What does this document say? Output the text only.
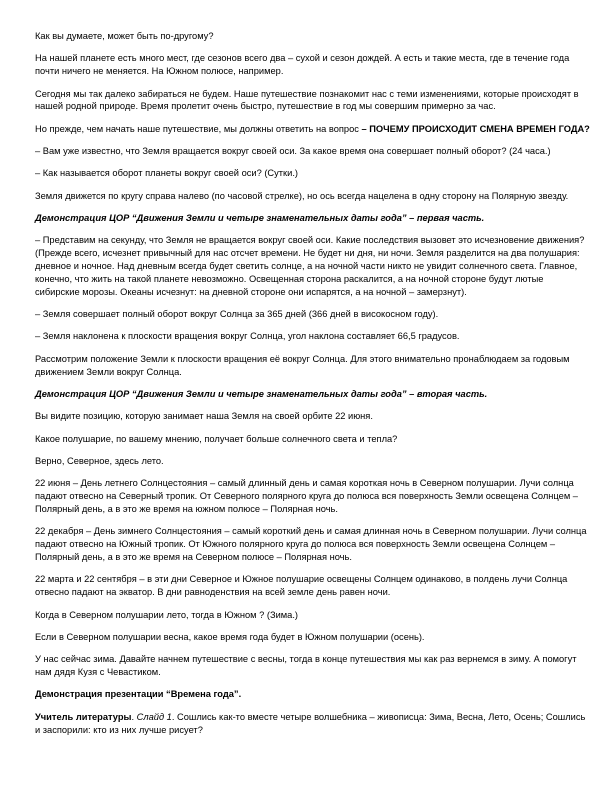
Как вы думаете, может быть по-другому?

На нашей планете есть много мест, где сезонов всего два – сухой и сезон дождей. А есть и такие места, где в течение года почти ничего не меняется. На Южном полюсе, например.

Сегодня мы так далеко забираться не будем. Наше путешествие познакомит нас с теми изменениями, которые происходят в нашей родной природе. Время пролетит очень быстро, путешествие в год мы совершим примерно за час.

Но прежде, чем начать наше путешествие, мы должны ответить на вопрос – ПОЧЕМУ ПРОИСХОДИТ СМЕНА ВРЕМЕН ГОДА?

– Вам уже известно, что Земля вращается вокруг своей оси. За какое время она совершает полный оборот? (24 часа.)

– Как называется оборот планеты вокруг своей оси? (Сутки.)

Земля движется по кругу справа налево (по часовой стрелке), но ось всегда нацелена в одну сторону на Полярную звезду.

Демонстрация ЦОР “Движения Земли и четыре знаменательных даты года” – первая часть.

– Представим на секунду, что Земля не вращается вокруг своей оси. Какие последствия вызовет это исчезновение движения? (Прежде всего, исчезнет привычный для нас отсчет времени. Не будет ни дня, ни ночи. Земля разделится на два полушария: дневное и ночное. Над дневным всегда будет светить солнце, а на ночной части никто не увидит солнечного света. Главное, конечно, что жить на такой планете невозможно. Освещенная сторона раскалится, а на ночной стороне будут лютые сибирские морозы. Океаны исчезнут: на дневной стороне они испарятся, а на ночной – замерзнут).

– Земля совершает полный оборот вокруг Солнца за 365 дней (366 дней в високосном году).

– Земля наклонена к плоскости вращения вокруг Солнца, угол наклона составляет 66,5 градусов.

Рассмотрим положение Земли к плоскости вращения её вокруг Солнца. Для этого внимательно пронаблюдаем за годовым движением Земли вокруг Солнца.

Демонстрация ЦОР “Движения Земли и четыре знаменательных даты года” – вторая часть.

Вы видите позицию, которую занимает наша Земля на своей орбите 22 июня.

Какое полушарие, по вашему мнению, получает больше солнечного света и тепла?

Верно, Северное, здесь лето.

22 июня – День летнего Солнцестояния – самый длинный день и самая короткая ночь в Северном полушарии. Лучи солнца падают отвесно на Северный тропик. От Северного полярного круга до полюса вся поверхность Земли освещена Солнцем – Полярный день, а в это же время на южном полюсе – Полярная ночь.

22 декабря – День зимнего Солнцестояния – самый короткий день и самая длинная ночь в Северном полушарии. Лучи солнца падают отвесно на Южный тропик. От Южного полярного круга до полюса вся поверхность Земли освещена Солнцем – Полярный день, а в это же время на Северном полюсе – Полярная ночь.

22 марта и 22 сентября – в эти дни Северное и Южное полушарие освещены Солнцем одинаково, в полдень лучи Солнца отвесно падают на экватор. В дни равноденствия на всей земле день равен ночи.

Когда в Северном полушарии лето, тогда в Южном ? (Зима.)

Если в Северном полушарии весна, какое время года будет в Южном полушарии (осень).

У нас сейчас зима. Давайте начнем путешествие с весны, тогда в конце путешествия мы как раз вернемся в зиму. А помогут нам дядя Кузя с Чевастиком.

Демонстрация презентации “Времена года”.

Учитель литературы. Слайд 1. Сошлись как-то вместе четыре волшебника – живописца: Зима, Весна, Лето, Осень; Сошлись и заспорили: кто из них лучше рисует?
